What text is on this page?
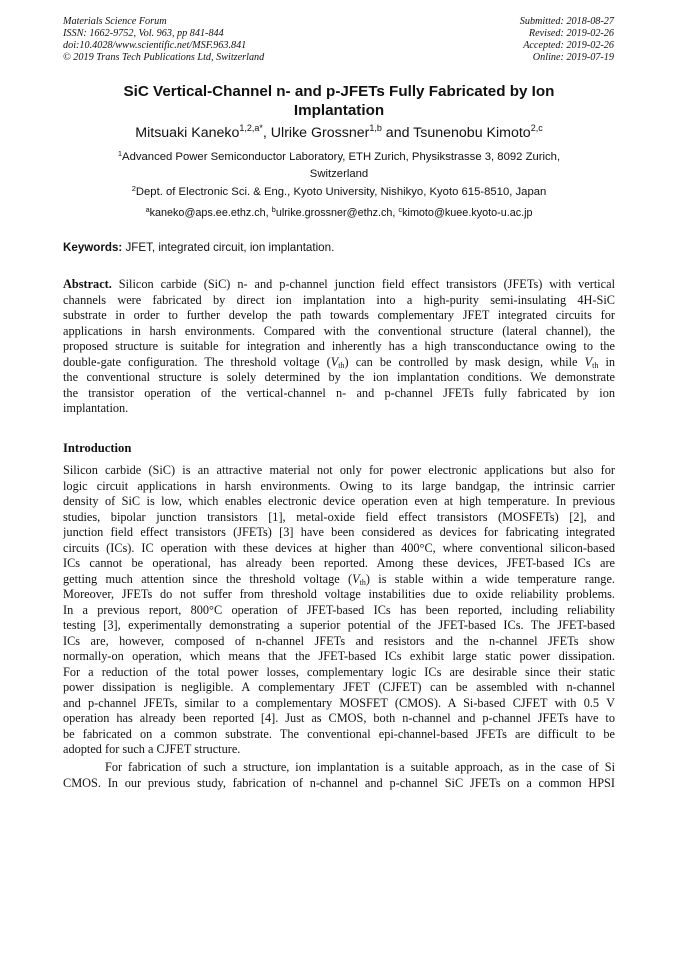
Materials Science Forum
ISSN: 1662-9752, Vol. 963, pp 841-844
doi:10.4028/www.scientific.net/MSF.963.841
© 2019 Trans Tech Publications Ltd, Switzerland
Submitted: 2018-08-27
Revised: 2019-02-26
Accepted: 2019-02-26
Online: 2019-07-19
SiC Vertical-Channel n- and p-JFETs Fully Fabricated by Ion
Implantation
Mitsuaki Kaneko$^{1,2,a*}$, Ulrike Grossner$^{1,b}$ and Tsunenobu Kimoto$^{2,c}$
$^1$Advanced Power Semiconductor Laboratory, ETH Zurich, Physikstrasse 3, 8092 Zurich,
Switzerland
$^2$Dept. of Electronic Sci. & Eng., Kyoto University, Nishikyo, Kyoto 615-8510, Japan
$^a$kaneko@aps.ee.ethz.ch, $^b$ulrike.grossner@ethz.ch, $^c$kimoto@kuee.kyoto-u.ac.jp
Keywords: JFET, integrated circuit, ion implantation.
Abstract. Silicon carbide (SiC) n- and p-channel junction field effect transistors (JFETs) with vertical
channels were fabricated by direct ion implantation into a high-purity semi-insulating 4H-SiC
substrate in order to further develop the path towards complementary JFET integrated circuits for
applications in harsh environments. Compared with the conventional structure (lateral channel), the
proposed structure is suitable for integration and inherently has a high transconductance owing to the
double-gate configuration. The threshold voltage $(V_{th})$ can be controlled by mask design, while $V_{th}$ in
the conventional structure is solely determined by the ion implantation conditions. We demonstrate
the transistor operation of the vertical-channel n- and p-channel JFETs fully fabricated by ion
implantation.
Introduction
Silicon carbide (SiC) is an attractive material not only for power electronic applications but also for
logic circuit applications in harsh environments. Owing to its large bandgap, the intrinsic carrier
density of SiC is low, which enables electronic device operation even at high temperature. In previous
studies, bipolar junction transistors [1], metal-oxide field effect transistors (MOSFETs) [2], and
junction field effect transistors (JFETs) [3] have been considered as devices for fabricating integrated
circuits (ICs). IC operation with these devices at higher than 400°C, where conventional silicon-based
ICs cannot be operational, has already been reported. Among these devices, JFET-based ICs are
getting much attention since the threshold voltage $(V_{th})$ is stable within a wide temperature range.
Moreover, JFETs do not suffer from threshold voltage instabilities due to oxide reliability problems.
In a previous report, 800°C operation of JFET-based ICs has been reported, including reliability
testing [3], experimentally demonstrating a superior potential of the JFET-based ICs. The JFET-based
ICs are, however, composed of n-channel JFETs and resistors and the n-channel JFETs show
normally-on operation, which means that the JFET-based ICs exhibit large static power dissipation.
For a reduction of the total power losses, complementary logic ICs are desirable since their static
power dissipation is negligible. A complementary JFET (CJFET) can be assembled with n-channel
and p-channel JFETs, similar to a complementary MOSFET (CMOS). A Si-based CJFET with 0.5 V
operation has already been reported [4]. Just as CMOS, both n-channel and p-channel JFETs have to
be fabricated on a common substrate. The conventional epi-channel-based JFETs are difficult to be
adopted for such a CJFET structure.
For fabrication of such a structure, ion implantation is a suitable approach, as in the case of Si
CMOS. In our previous study, fabrication of n-channel and p-channel SiC JFETs on a common HPSI
